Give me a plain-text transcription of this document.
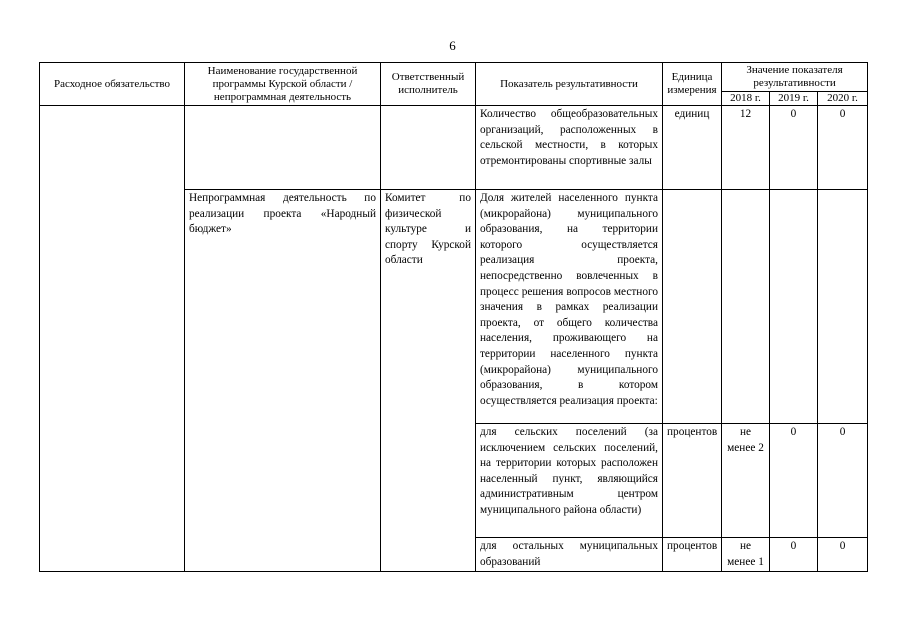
6
Расходное обязательство	Наименование государственной программы Курской области / непрограммная деятельность	Ответственный исполнитель	Показатель результативности	Единица измерения	Значение показателя результативности		
					2018 г.	2019 г.	2020 г.
			Количество общеобразовательных организаций, расположенных в сельской местности, в которых отремонтированы спортивные залы	единиц	12	0	0
	Непрограммная деятельность по реализации проекта «Народный бюджет»	Комитет по физической культуре и спорту Курской области	Доля жителей населенного пункта (микрорайона) муниципального образования, на территории которого осуществляется реализация проекта, непосредственно вовлеченных в процесс решения вопросов местного значения в рамках реализации проекта, от общего количества населения, проживающего на территории населенного пункта (микрорайона) муниципального образования, в котором осуществляется реализация проекта:				
			для сельских поселений (за исключением сельских поселений, на территории которых расположен населенный пункт, являющийся административным центром муниципального района области)	процентов	не менее 2	0	0
			для остальных муниципальных образований	процентов	не менее 1	0	0
